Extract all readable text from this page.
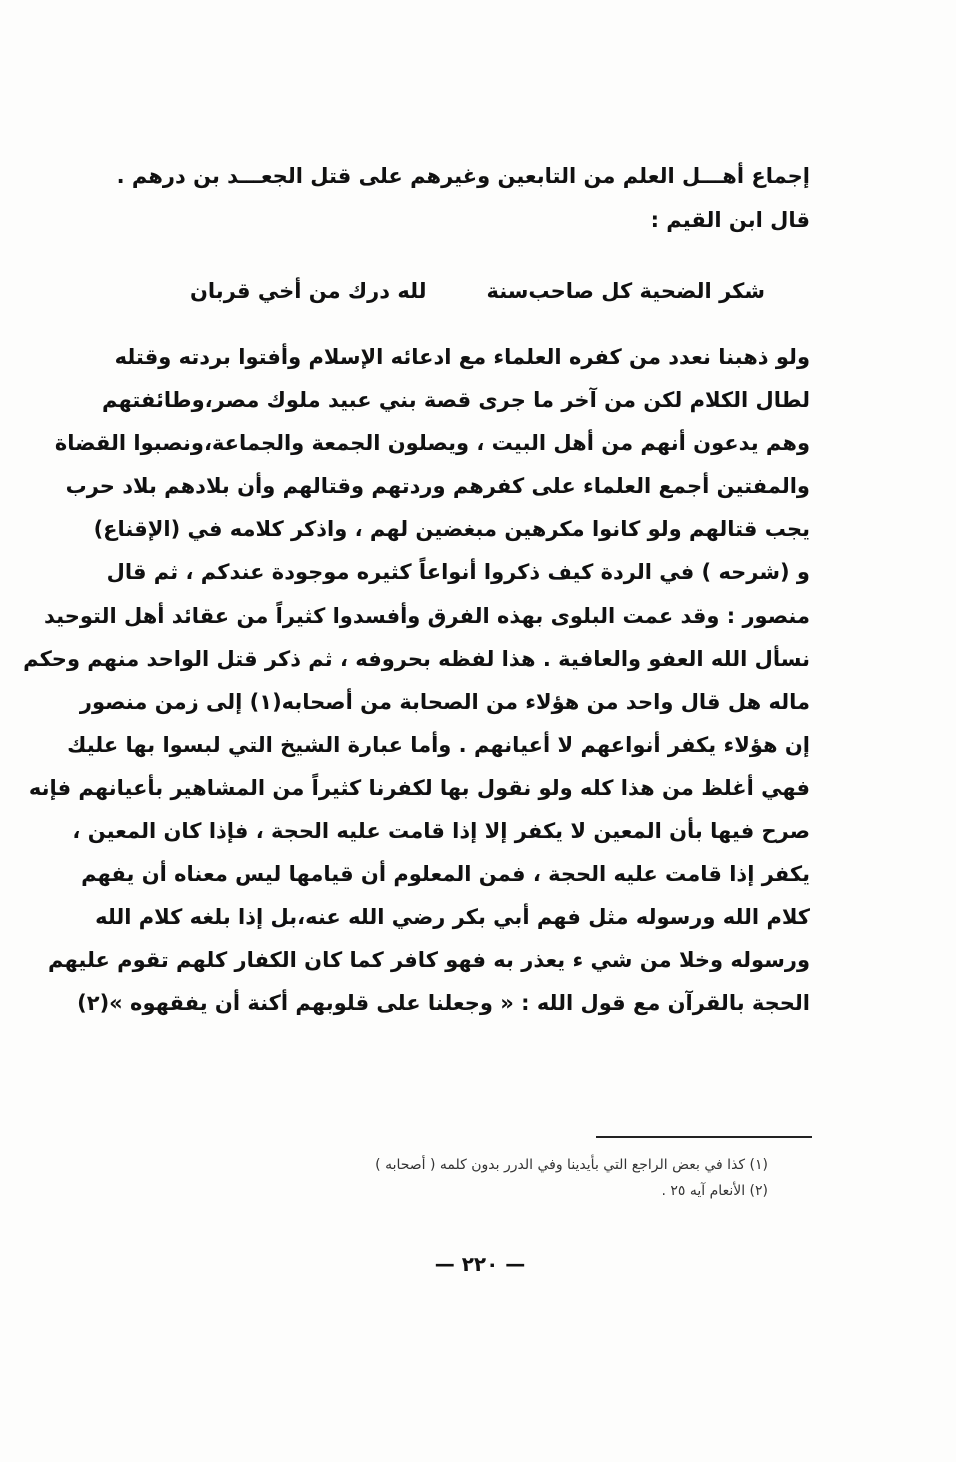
إجماع أهـــل العلم من التابعين وغيرهم على قتل الجعـــد بن درهم .
قال ابن القيم :
شكر الضحية كل صاحب‌سنة
لله درك من أخي قربان
ولو ذهبنا نعدد من كفره العلماء مع ادعائه الإسلام وأفتوا بردته وقتله
لطال الكلام لكن من آخر ما جرى قصة بني عبيد ملوك مصر،وطائفتهم
وهم يدعون أنهم من أهل البيت ، ويصلون الجمعة والجماعة،ونصبوا القضاة
والمفتين أجمع العلماء على كفرهم وردتهم وقتالهم وأن بلادهم بلاد حرب
يجب قتالهم ولو كانوا مكرهين مبغضين لهم ، واذكر كلامه في (الإقناع)
و (شرحه ) في الردة كيف ذكروا أنواعاً كثيره موجودة عندكم ، ثم قال
منصور : وقد عمت البلوى بهذه الفرق وأفسدوا كثيراً من عقائد أهل التوحيد
نسأل الله العفو والعافية . هذا لفظه بحروفه ، ثم ذكر قتل الواحد منهم وحكم
ماله هل قال واحد من هؤلاء من الصحابة من أصحابه(١) إلى زمن منصور
إن هؤلاء يكفر أنواعهم لا أعيانهم . وأما عبارة الشيخ التي لبسوا بها عليك
فهي أغلظ من هذا كله ولو نقول بها لكفرنا كثيراً من المشاهير بأعيانهم فإنه
صرح فيها بأن المعين لا يكفر إلا إذا قامت عليه الحجة ، فإذا كان المعين ،
يكفر إذا قامت عليه الحجة ، فمن المعلوم أن قيامها ليس معناه أن يفهم
كلام الله ورسوله مثل فهم أبي بكر رضي الله عنه،بل إذا بلغه كلام الله
ورسوله وخلا من شي ء يعذر به فهو كافر كما كان الكفار كلهم تقوم عليهم
الحجة بالقرآن مع قول الله : « وجعلنا على قلوبهم أكنة أن يفقهوه »(٢)
(١) كذا في بعض الراجع التي بأيدينا وفي الدرر بدون كلمه ( أصحابه )
(٢) الأنعام آيه ٢٥ .
— ٢٢٠ —
